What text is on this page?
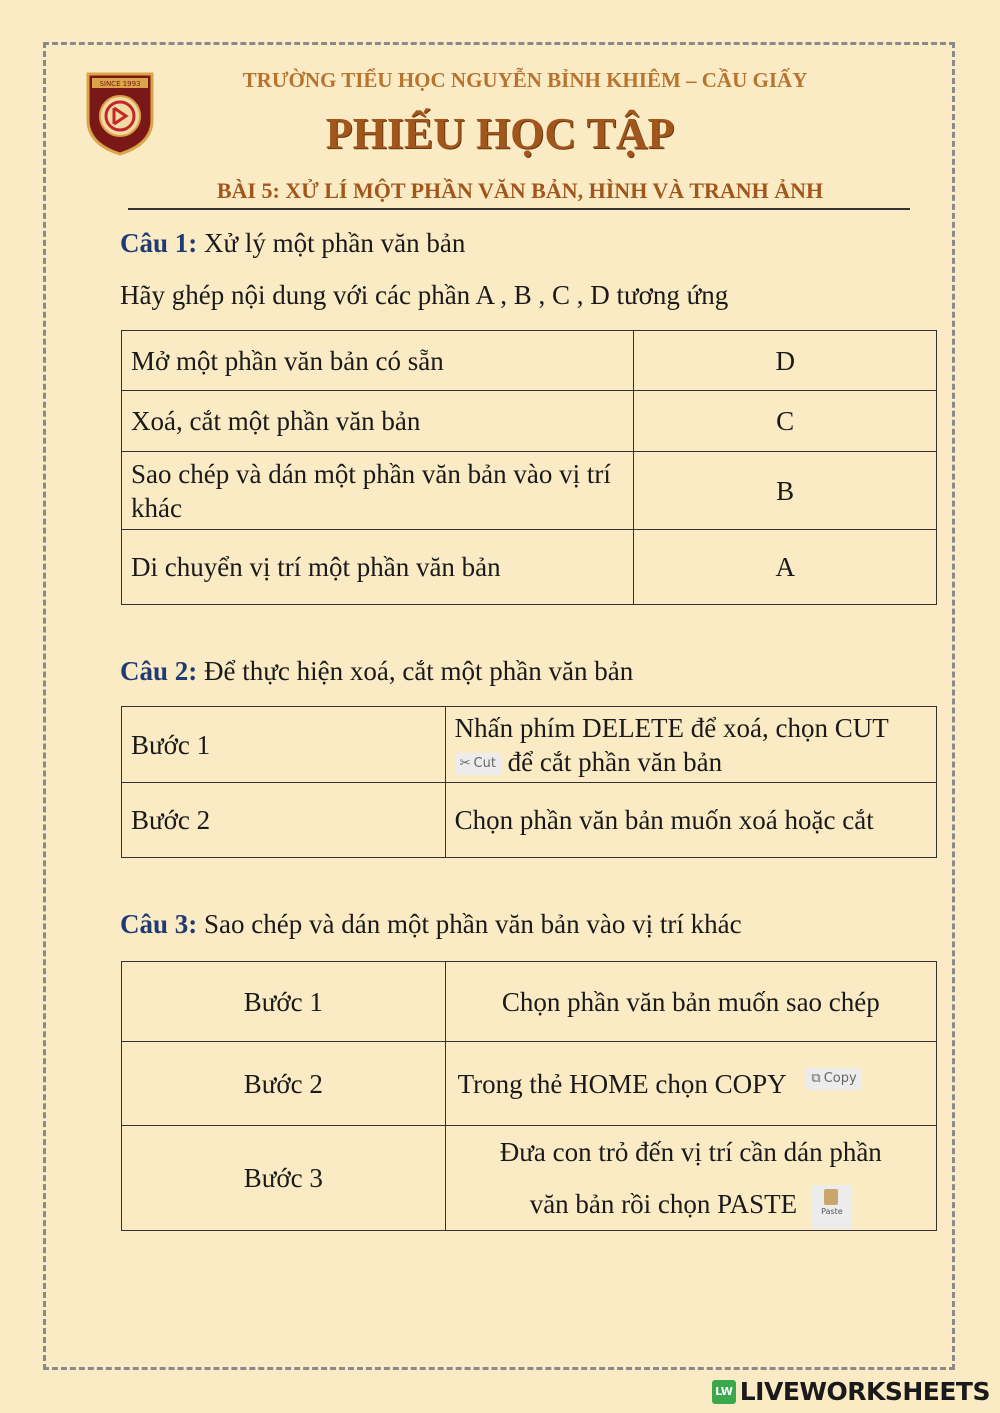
SINCE 1993	TRƯỜNG TIỂU HỌC NGUYỄN BỈNH KHIÊM – CẦU GIẤY
PHIẾU HỌC TẬP
BÀI 5: XỬ LÍ MỘT PHẦN VĂN BẢN, HÌNH VÀ TRANH ẢNH
Câu 1: Xử lý một phần văn bản
Hãy ghép nội dung với các phần A , B , C , D tương ứng
Mở một phần văn bản có sẵn	D
Xoá, cắt một phần văn bản	C
Sao chép và dán một phần văn bản vào vị trí khác	B
Di chuyển vị trí một phần văn bản	A
Câu 2: Để thực hiện xoá, cắt một phần văn bản
Bước 1	Nhấn phím DELETE để xoá, chọn CUT
✂ Cut để cắt phần văn bản
Bước 2	Chọn phần văn bản muốn xoá hoặc cắt
Câu 3: Sao chép và dán một phần văn bản vào vị trí khác
Bước 1	Chọn phần văn bản muốn sao chép
Bước 2	Trong thẻ HOME chọn COPY ⧉ Copy

Bước 3	Đưa con trỏ đến vị trí cần dán phần
văn bản rồi chọn PASTE Paste
LW LIVEWORKSHEETS
